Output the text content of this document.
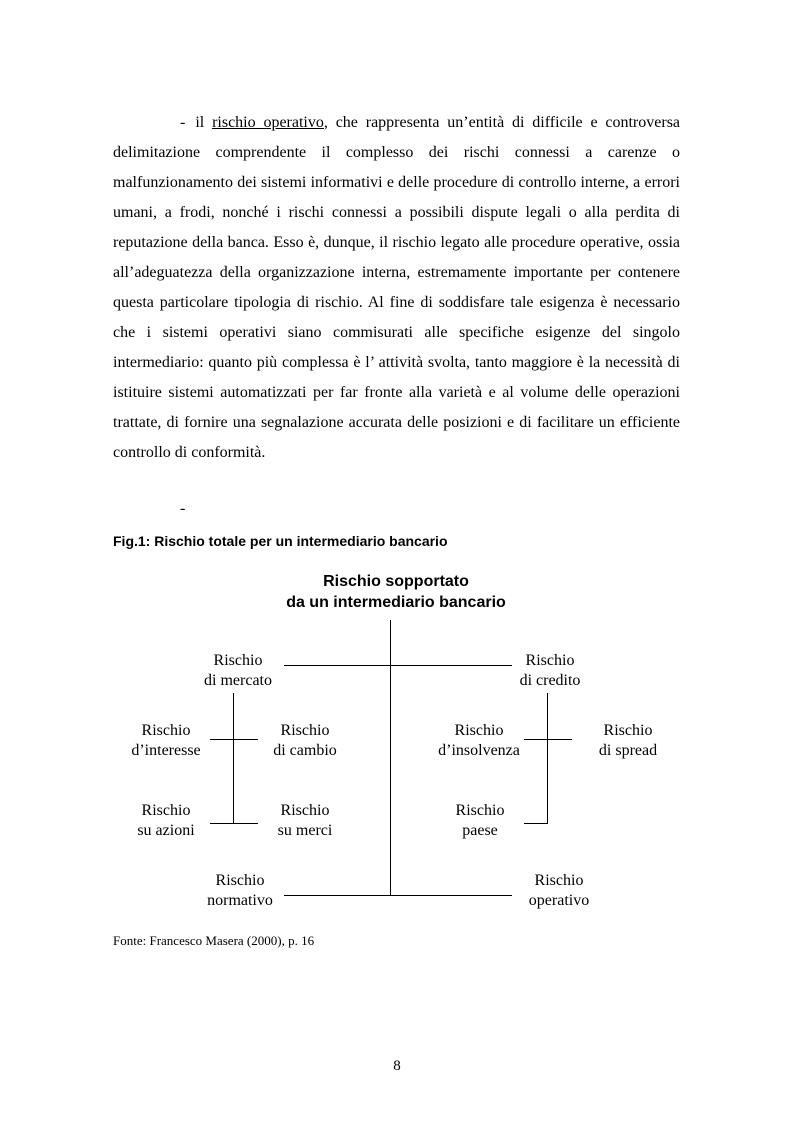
- il rischio operativo, che rappresenta un’entità di difficile e controversa delimitazione comprendente il complesso dei rischi connessi a carenze o malfunzionamento dei sistemi informativi e delle procedure di controllo interne, a errori umani, a frodi, nonché i rischi connessi a possibili dispute legali o alla perdita di reputazione della banca. Esso è, dunque, il rischio legato alle procedure operative, ossia all’adeguatezza della organizzazione interna, estremamente importante per contenere questa particolare tipologia di rischio. Al fine di soddisfare tale esigenza è necessario che i sistemi operativi siano commisurati alle specifiche esigenze del singolo intermediario: quanto più complessa è l’ attività svolta, tanto maggiore è la necessità di istituire sistemi automatizzati per far fronte alla varietà e al volume delle operazioni trattate, di fornire una segnalazione accurata delle posizioni e di facilitare un efficiente controllo di conformità.

-
Fig.1: Rischio totale per un intermediario bancario
Rischio sopportato
da un intermediario bancario
Rischio
di mercato
Rischio
di credito
Rischio
d’interesse
Rischio
di cambio
Rischio
d’insolvenza
Rischio
di spread
Rischio
su azioni
Rischio
su merci
Rischio
paese
Rischio
normativo
Rischio
operativo
Fonte: Francesco Masera (2000), p. 16
8
